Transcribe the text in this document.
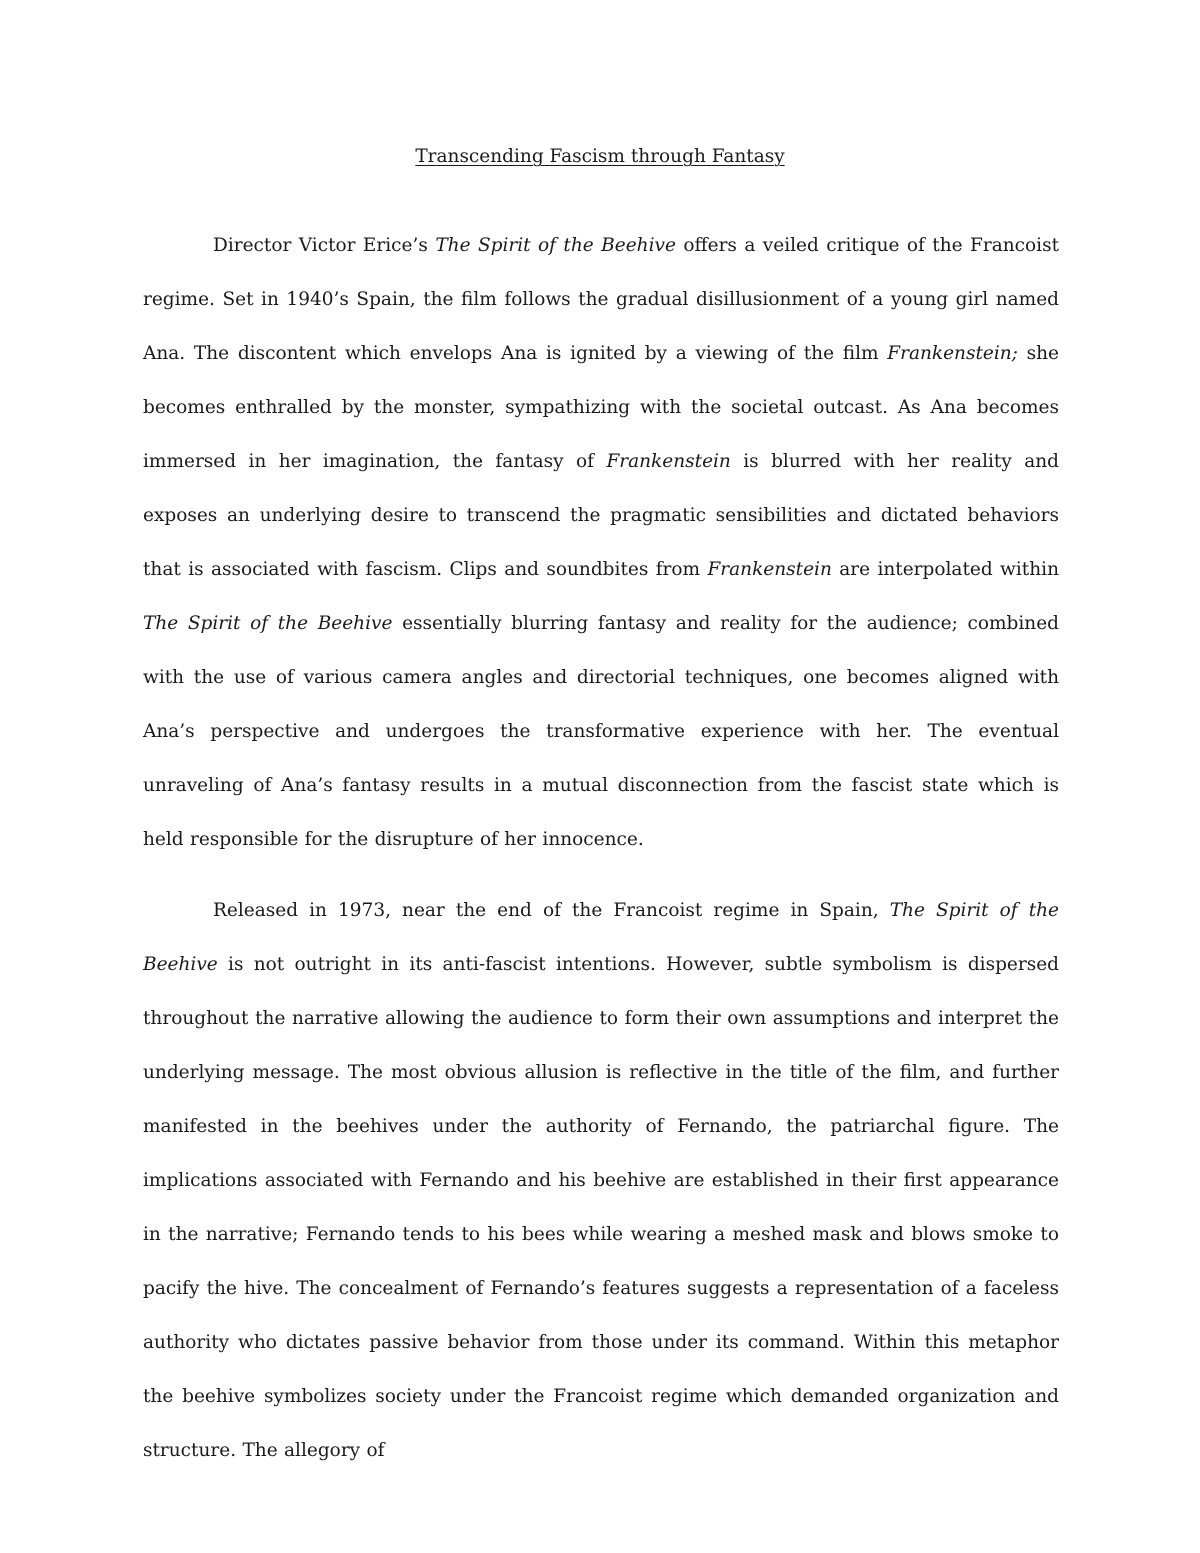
Transcending Fascism through Fantasy

Director Victor Erice’s The Spirit of the Beehive offers a veiled critique of the Francoist regime. Set in 1940’s Spain, the film follows the gradual disillusionment of a young girl named Ana. The discontent which envelops Ana is ignited by a viewing of the film Frankenstein; she becomes enthralled by the monster, sympathizing with the societal outcast. As Ana becomes immersed in her imagination, the fantasy of Frankenstein is blurred with her reality and exposes an underlying desire to transcend the pragmatic sensibilities and dictated behaviors that is associated with fascism. Clips and soundbites from Frankenstein are interpolated within The Spirit of the Beehive essentially blurring fantasy and reality for the audience; combined with the use of various camera angles and directorial techniques, one becomes aligned with Ana’s perspective and undergoes the transformative experience with her. The eventual unraveling of Ana’s fantasy results in a mutual disconnection from the fascist state which is held responsible for the disrupture of her innocence.

Released in 1973, near the end of the Francoist regime in Spain, The Spirit of the Beehive is not outright in its anti-fascist intentions. However, subtle symbolism is dispersed throughout the narrative allowing the audience to form their own assumptions and interpret the underlying message. The most obvious allusion is reflective in the title of the film, and further manifested in the beehives under the authority of Fernando, the patriarchal figure. The implications associated with Fernando and his beehive are established in their first appearance in the narrative; Fernando tends to his bees while wearing a meshed mask and blows smoke to pacify the hive. The concealment of Fernando’s features suggests a representation of a faceless authority who dictates passive behavior from those under its command. Within this metaphor the beehive symbolizes society under the Francoist regime which demanded organization and structure. The allegory of
